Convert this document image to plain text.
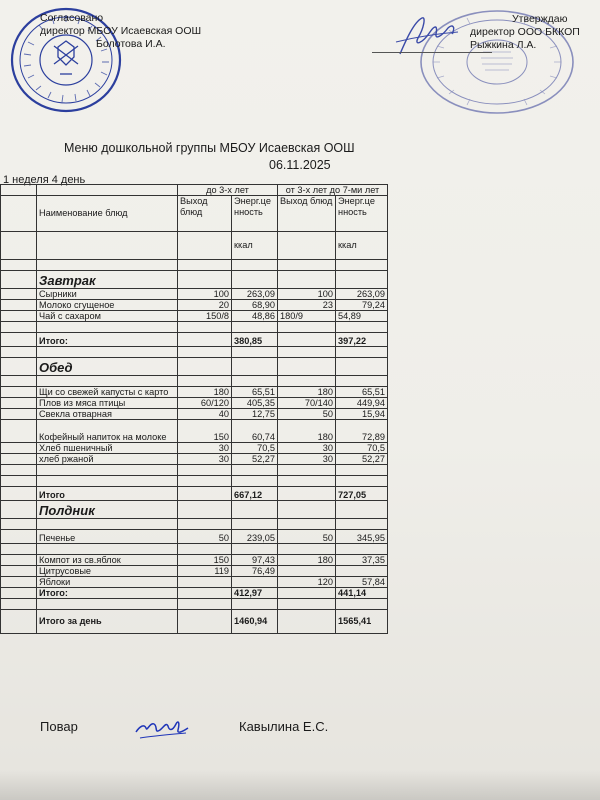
Согласовано
директор МБОУ Исаевская ООШ
Болотова И.А.
Утверждаю
директор ООО БККОП
Рыжкина Л.А.
Меню дошкольной группы МБОУ Исаевская ООШ
06.11.2025
1 неделя 4 день
		до 3-х лет		от 3-х лет до 7-ми лет	
	Наименование блюд	Выход блюд	Энерг.це нность	Выход блюд	Энерг.це нность
			ккал		ккал

	Завтрак				
	Сырники	100	263,09	100	263,09
	Молоко сгущеное	20	68,90	23	79,24
	Чай с сахаром	150/8	48,86	180/9	54,89

	Итого:		380,85		397,22

	Обед				

	Щи со свежей капусты с карто	180	65,51	180	65,51
	Плов из мяса птицы	60/120	405,35	70/140	449,94
	Свекла отварная	40	12,75	50	15,94
	Кофейный напиток на молоке	150	60,74	180	72,89
	Хлеб пшеничный	30	70,5	30	70,5
	хлеб ржаной	30	52,27	30	52,27

	Итого		667,12		727,05
	Полдник				

	Печенье	50	239,05	50	345,95

	Компот из св.яблок	150	97,43	180	37,35
	Цитрусовые	119	76,49		
	Яблоки			120	57,84
	Итого:		412,97		441,14

	Итого за день		1460,94		1565,41
Повар	Кавылина Е.С.
